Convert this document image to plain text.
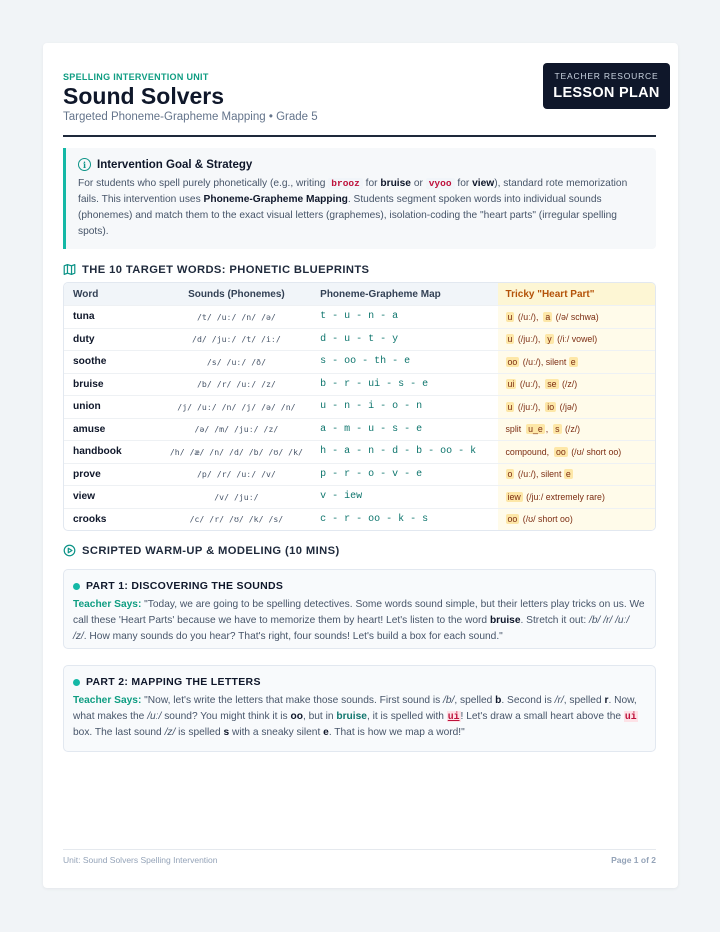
SPELLING INTERVENTION UNIT
Sound Solvers
Targeted Phoneme-Grapheme Mapping • Grade 5
TEACHER RESOURCE
LESSON PLAN
i Intervention Goal & Strategy
For students who spell purely phonetically (e.g., writing brooz for bruise or vyoo for view), standard rote memorization fails. This intervention uses Phoneme-Grapheme Mapping. Students segment spoken words into individual sounds (phonemes) and match them to the exact visual letters (graphemes), isolation-coding the "heart parts" (irregular spelling spots).
THE 10 TARGET WORDS: PHONETIC BLUEPRINTS
Word	Sounds (Phonemes)	Phoneme-Grapheme Map	Tricky "Heart Part"
tuna	/t/ /uː/ /n/ /ə/	t - u - n - a	u (/uː/),  a (/ə/ schwa)
duty	/d/ /juː/ /t/ /iː/	d - u - t - y	u (/juː/),  y (/iː/ vowel)
soothe	/s/ /uː/ /ð/	s - oo - th - e	oo (/uː/), silent e
bruise	/b/ /r/ /uː/ /z/	b - r - ui - s - e	ui (/uː/),  se (/z/)
union	/j/ /uː/ /n/ /j/ /ə/ /n/	u - n - i - o - n	u (/juː/),  io (/jə/)
amuse	/ə/ /m/ /juː/ /z/	a - m - u - s - e	split  u_e ,  s (/z/)
handbook	/h/ /æ/ /n/ /d/ /b/ /ʊ/ /k/	h - a - n - d - b - oo - k	compound,  oo (/ʊ/ short oo)
prove	/p/ /r/ /uː/ /v/	p - r - o - v - e	o (/uː/), silent e
view	/v/ /juː/	v - iew	iew (/juː/ extremely rare)
crooks	/c/ /r/ /ʊ/ /k/ /s/	c - r - oo - k - s	oo (/ʊ/ short oo)
SCRIPTED WARM-UP & MODELING (10 MINS)
PART 1: DISCOVERING THE SOUNDS
Teacher Says: "Today, we are going to be spelling detectives. Some words sound simple, but their letters play tricks on us. We call these 'Heart Parts' because we have to memorize them by heart! Let's listen to the word bruise. Stretch it out: /b/ /r/ /uː/ /z/. How many sounds do you hear? That's right, four sounds! Let's build a box for each sound."
PART 2: MAPPING THE LETTERS
Teacher Says: "Now, let's write the letters that make those sounds. First sound is /b/, spelled b. Second is /r/, spelled r. Now, what makes the /uː/ sound? You might think it is oo, but in bruise, it is spelled with ui! Let's draw a small heart above the ui box. The last sound /z/ is spelled s with a sneaky silent e. That is how we map a word!"
Unit: Sound Solvers Spelling Intervention	Page 1 of 2
